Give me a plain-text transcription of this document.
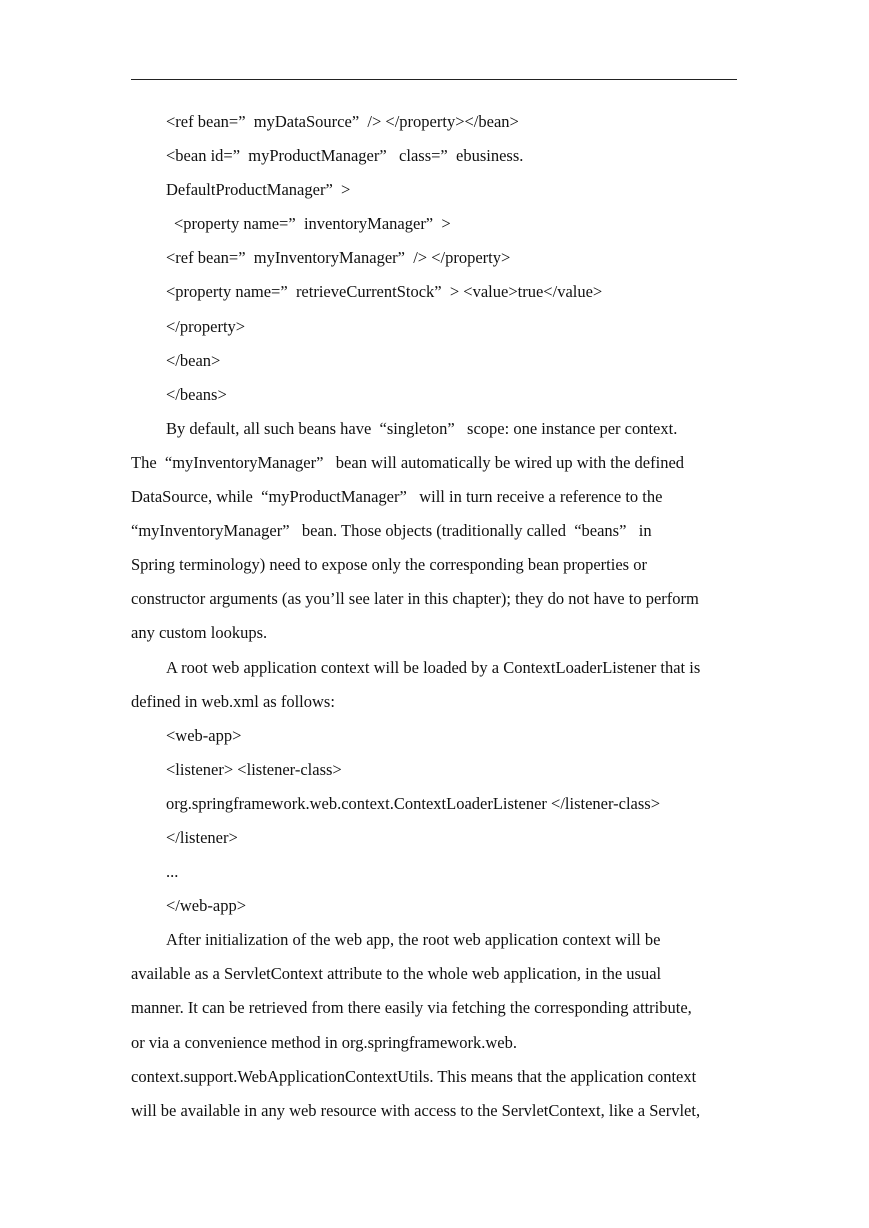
<ref bean=”  myDataSource”  /> </property></bean>
<bean id=”  myProductManager”   class=”  ebusiness.
DefaultProductManager”  >
<property name=”  inventoryManager”  >
<ref bean=”  myInventoryManager”  /> </property>
<property name=”  retrieveCurrentStock”  > <value>true</value>
</property>
</bean>
</beans>
By default, all such beans have  “singleton”   scope: one instance per context.
The  “myInventoryManager”   bean will automatically be wired up with the defined
DataSource, while  “myProductManager”   will in turn receive a reference to the
“myInventoryManager”   bean. Those objects (traditionally called  “beans”   in
Spring terminology) need to expose only the corresponding bean properties or
constructor arguments (as you’ll see later in this chapter); they do not have to perform
any custom lookups.
A root web application context will be loaded by a ContextLoaderListener that is
defined in web.xml as follows:
<web-app>
<listener> <listener-class>
org.springframework.web.context.ContextLoaderListener </listener-class>
</listener>
...
</web-app>
After initialization of the web app, the root web application context will be
available as a ServletContext attribute to the whole web application, in the usual
manner. It can be retrieved from there easily via fetching the corresponding attribute,
or via a convenience method in org.springframework.web.
context.support.WebApplicationContextUtils. This means that the application context
will be available in any web resource with access to the ServletContext, like a Servlet,
